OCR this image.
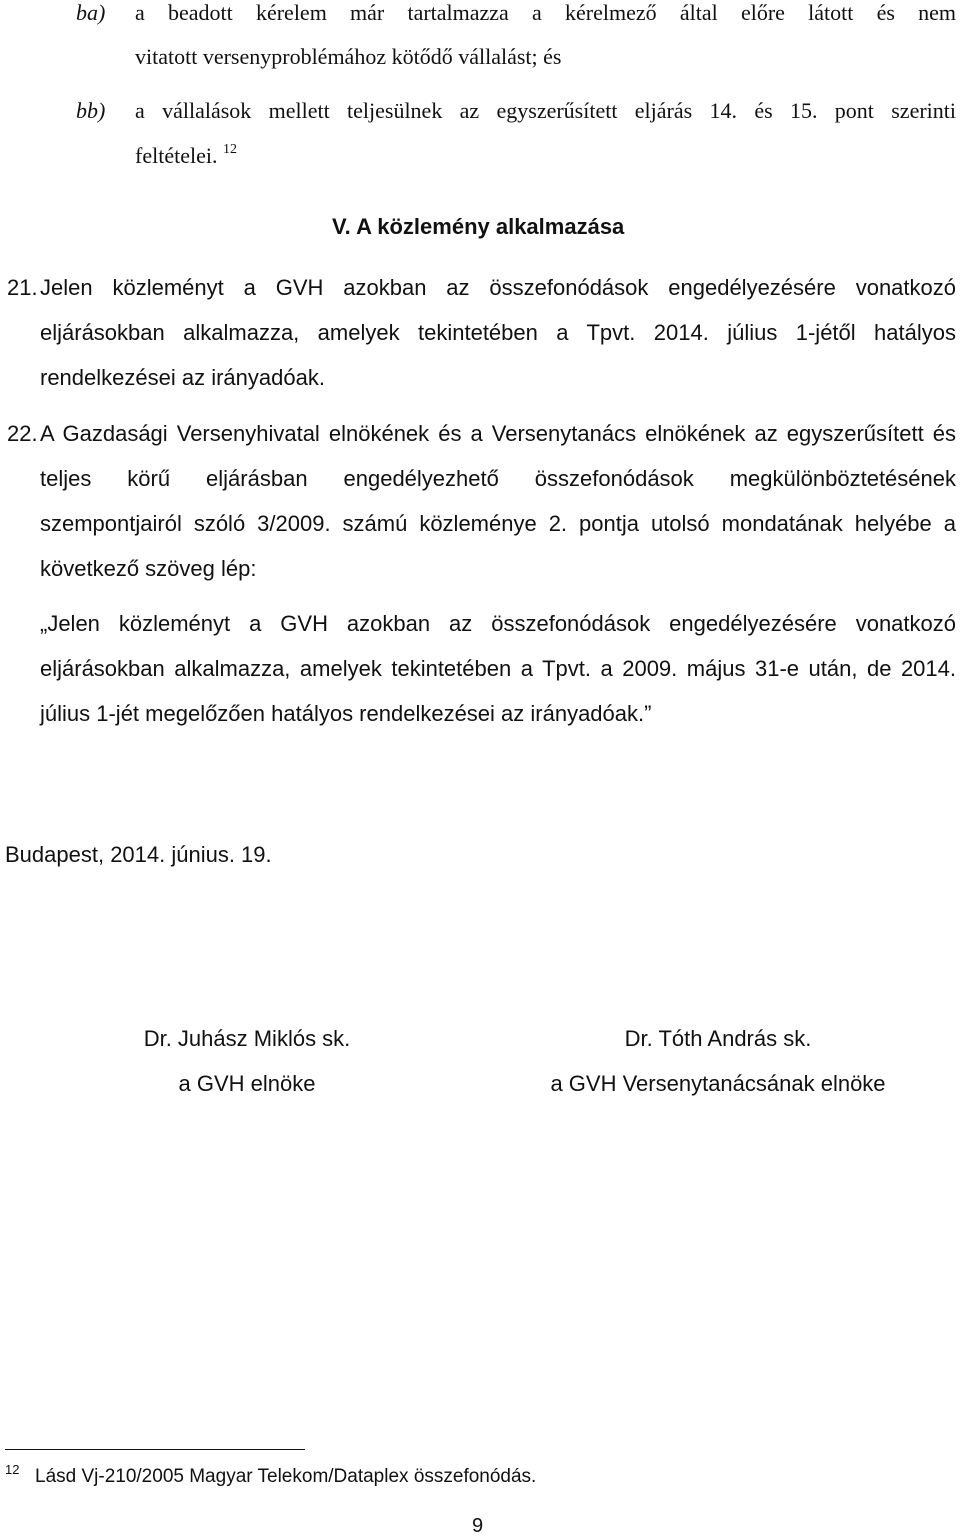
ba) a beadott kérelem már tartalmazza a kérelmező által előre látott és nem
vitatott versenyproblémához kötődő vállalást; és
bb) a vállalások mellett teljesülnek az egyszerűsített eljárás 14. és 15. pont szerinti
feltételei. $^{12}$
V. A közlemény alkalmazása
21. Jelen közleményt a GVH azokban az összefonódások engedélyezésére vonatkozó
eljárásokban alkalmazza, amelyek tekintetében a Tpvt. 2014. július 1-jétől hatályos
rendelkezései az irányadóak.
22. A Gazdasági Versenyhivatal elnökének és a Versenytanács elnökének az egyszerűsített és
teljes körű eljárásban engedélyezhető összefonódások megkülönböztetésének
szempontjairól szóló 3/2009. számú közleménye 2. pontja utolsó mondatának helyébe a
következő szöveg lép:
„Jelen közleményt a GVH azokban az összefonódások engedélyezésére vonatkozó
eljárásokban alkalmazza, amelyek tekintetében a Tpvt. a 2009. május 31-e után, de 2014.
július 1-jét megelőzően hatályos rendelkezései az irányadóak.”
Budapest, 2014. június. 19.
Dr. Juhász Miklós sk.
a GVH elnöke
Dr. Tóth András sk.
a GVH Versenytanácsának elnöke
12 Lásd Vj-210/2005 Magyar Telekom/Dataplex összefonódás.
9
